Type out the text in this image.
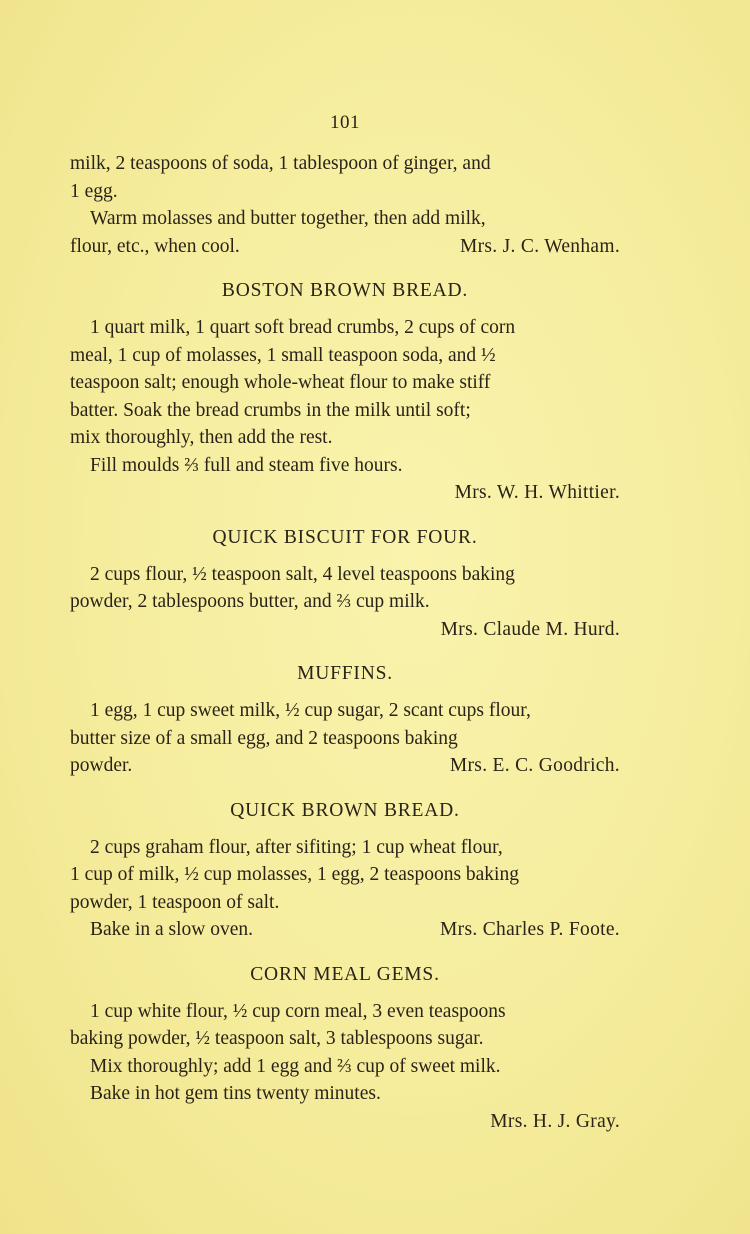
101
milk, 2 teaspoons of soda, 1 tablespoon of ginger, and
1 egg.
Warm molasses and butter together, then add milk,
flour, etc., when cool.	Mrs. J. C. Wenham.
BOSTON BROWN BREAD.
1 quart milk, 1 quart soft bread crumbs, 2 cups of corn
meal, 1 cup of molasses, 1 small teaspoon soda, and ½
teaspoon salt; enough whole-wheat flour to make stiff
batter. Soak the bread crumbs in the milk until soft;
mix thoroughly, then add the rest.
Fill moulds ⅔ full and steam five hours.
Mrs. W. H. Whittier.
QUICK BISCUIT FOR FOUR.
2 cups flour, ½ teaspoon salt, 4 level teaspoons baking
powder, 2 tablespoons butter, and ⅔ cup milk.
Mrs. Claude M. Hurd.
MUFFINS.
1 egg, 1 cup sweet milk, ½ cup sugar, 2 scant cups flour,
butter size of a small egg, and 2 teaspoons baking
powder.	Mrs. E. C. Goodrich.
QUICK BROWN BREAD.
2 cups graham flour, after sifiting; 1 cup wheat flour,
1 cup of milk, ½ cup molasses, 1 egg, 2 teaspoons baking
powder, 1 teaspoon of salt.
Bake in a slow oven.	Mrs. Charles P. Foote.
CORN MEAL GEMS.
1 cup white flour, ½ cup corn meal, 3 even teaspoons
baking powder, ½ teaspoon salt, 3 tablespoons sugar.
Mix thoroughly; add 1 egg and ⅔ cup of sweet milk.
Bake in hot gem tins twenty minutes.
Mrs. H. J. Gray.
